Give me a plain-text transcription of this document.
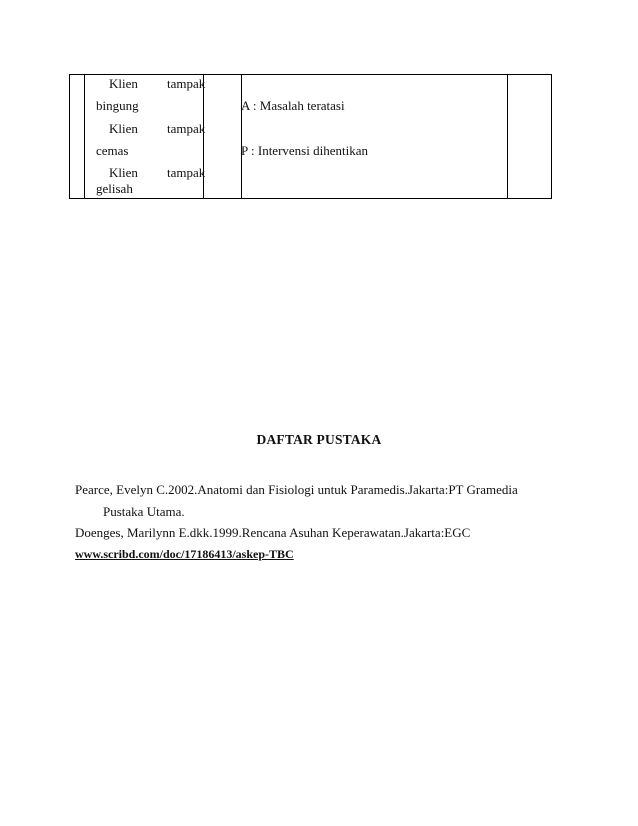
Klien tampak
bingung
Klien tampak
cemas
Klien tampak
gelisah
A : Masalah teratasi
P : Intervensi dihentikan
DAFTAR PUSTAKA
Pearce, Evelyn C.2002.Anatomi dan Fisiologi untuk Paramedis.Jakarta:PT Gramedia
Pustaka Utama.
Doenges, Marilynn E.dkk.1999.Rencana Asuhan Keperawatan.Jakarta:EGC
www.scribd.com/doc/17186413/askep-TBC
